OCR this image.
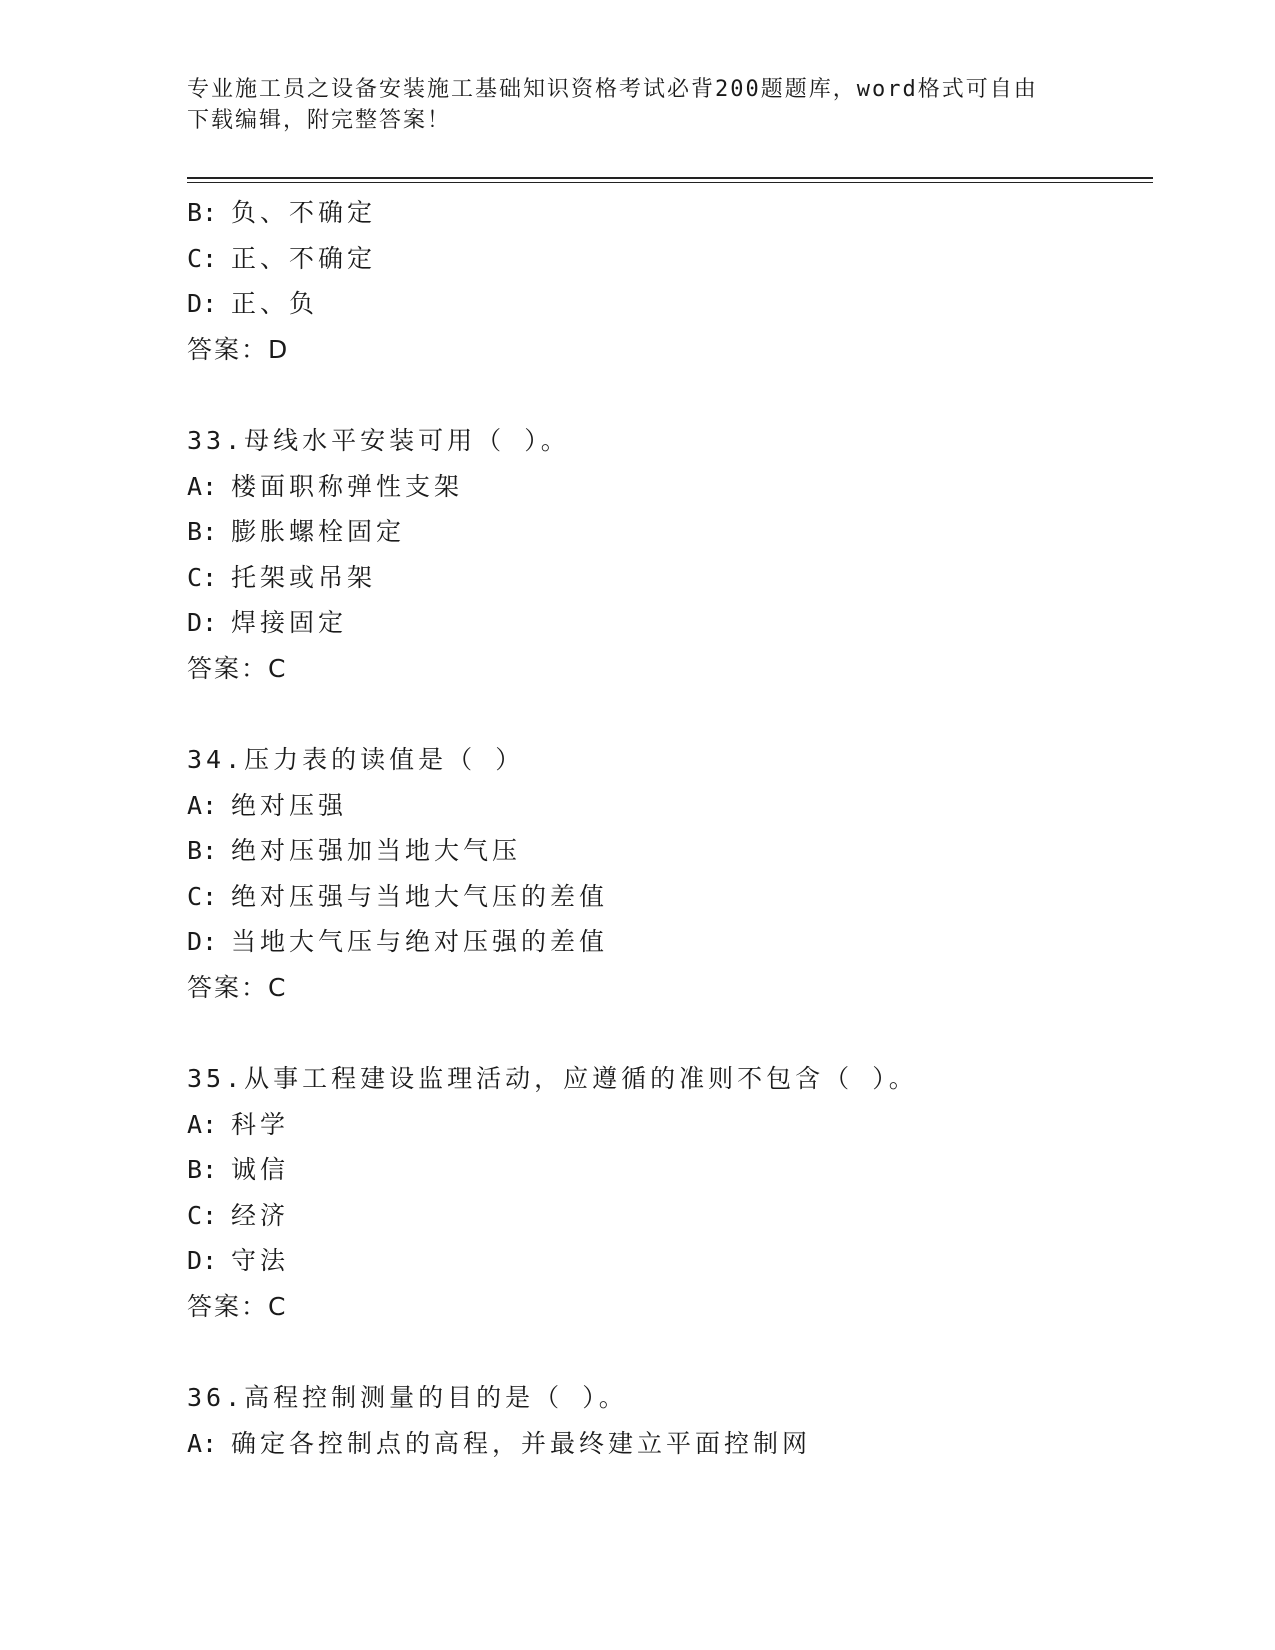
专业施工员之设备安装施工基础知识资格考试必背200题题库，word格式可自由
下载编辑，附完整答案！
B: 负、不确定
C: 正、不确定
D: 正、负
答案：D
33.母线水平安装可用（ ）。
A: 楼面职称弹性支架
B: 膨胀螺栓固定
C: 托架或吊架
D: 焊接固定
答案：C
34.压力表的读值是（ ）
A: 绝对压强
B: 绝对压强加当地大气压
C: 绝对压强与当地大气压的差值
D: 当地大气压与绝对压强的差值
答案：C
35.从事工程建设监理活动，应遵循的准则不包含（ ）。
A: 科学
B: 诚信
C: 经济
D: 守法
答案：C
36.高程控制测量的目的是（ ）。
A: 确定各控制点的高程，并最终建立平面控制网
